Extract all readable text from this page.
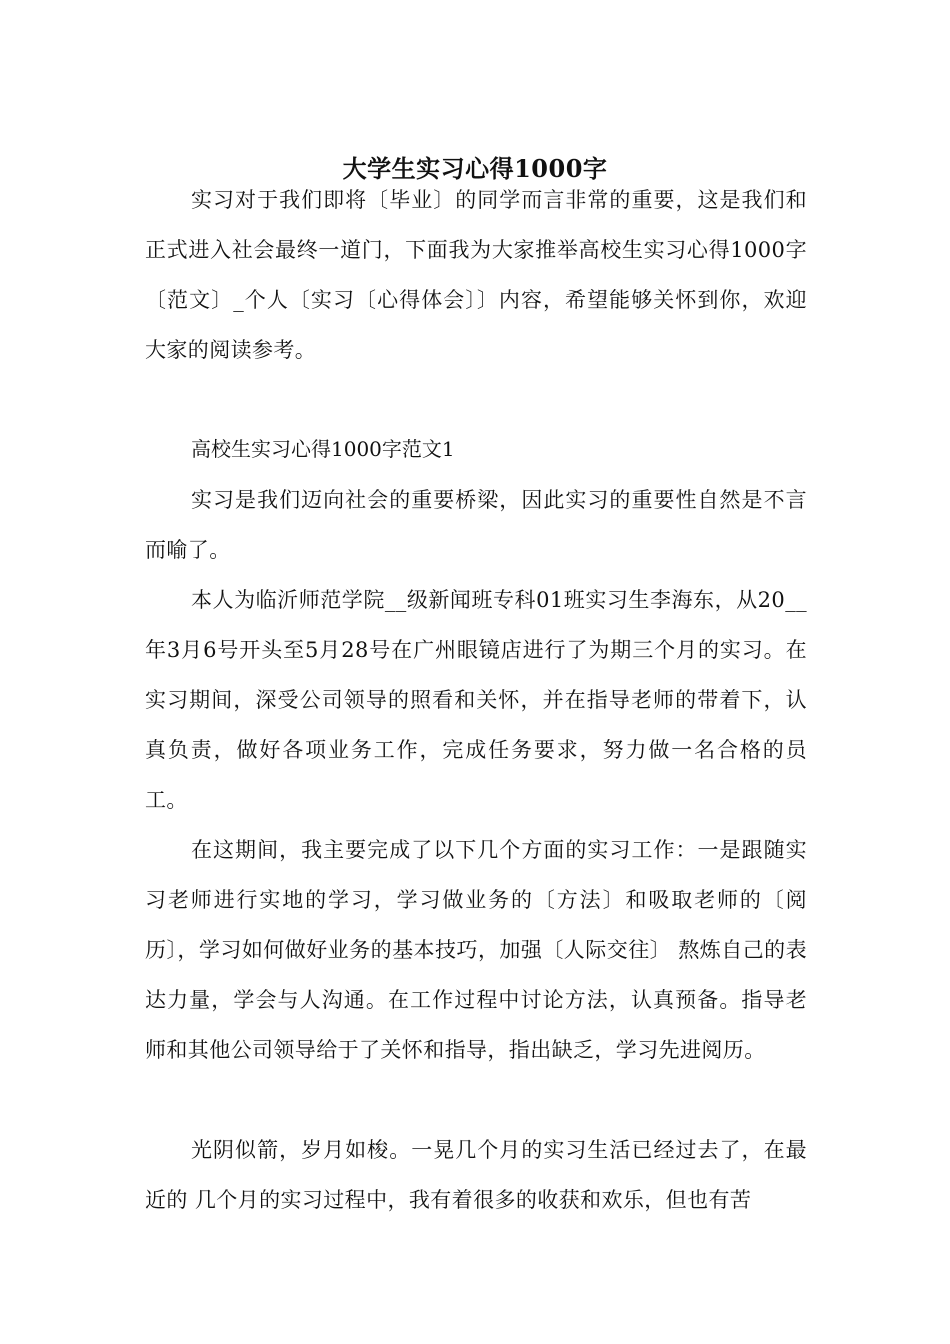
大学生实习心得1000字

实习对于我们即将〔毕业〕的同学而言非常的重要，这是我们和正式进入社会最终一道门，下面我为大家推举高校生实习心得1000字〔范文〕_个人〔实习〔心得体会〕〕内容，希望能够关怀到你，欢迎大家的阅读参考。

高校生实习心得1000字范文1

实习是我们迈向社会的重要桥梁，因此实习的重要性自然是不言而喻了。

本人为临沂师范学院__级新闻班专科01班实习生李海东，从20__年3月6号开头至5月28号在广州眼镜店进行了为期三个月的实习。在实习期间，深受公司领导的照看和关怀，并在指导老师的带着下，认真负责，做好各项业务工作，完成任务要求，努力做一名合格的员工。

在这期间，我主要完成了以下几个方面的实习工作：一是跟随实习老师进行实地的学习，学习做业务的〔方法〕和吸取老师的〔阅历〕，学习如何做好业务的基本技巧，加强〔人际交往〕 熬炼自己的表达力量，学会与人沟通。在工作过程中讨论方法，认真预备。指导老师和其他公司领导给于了关怀和指导，指出缺乏，学习先进阅历。

光阴似箭，岁月如梭。一晃几个月的实习生活已经过去了，在最近的 几个月的实习过程中，我有着很多的收获和欢乐，但也有苦
